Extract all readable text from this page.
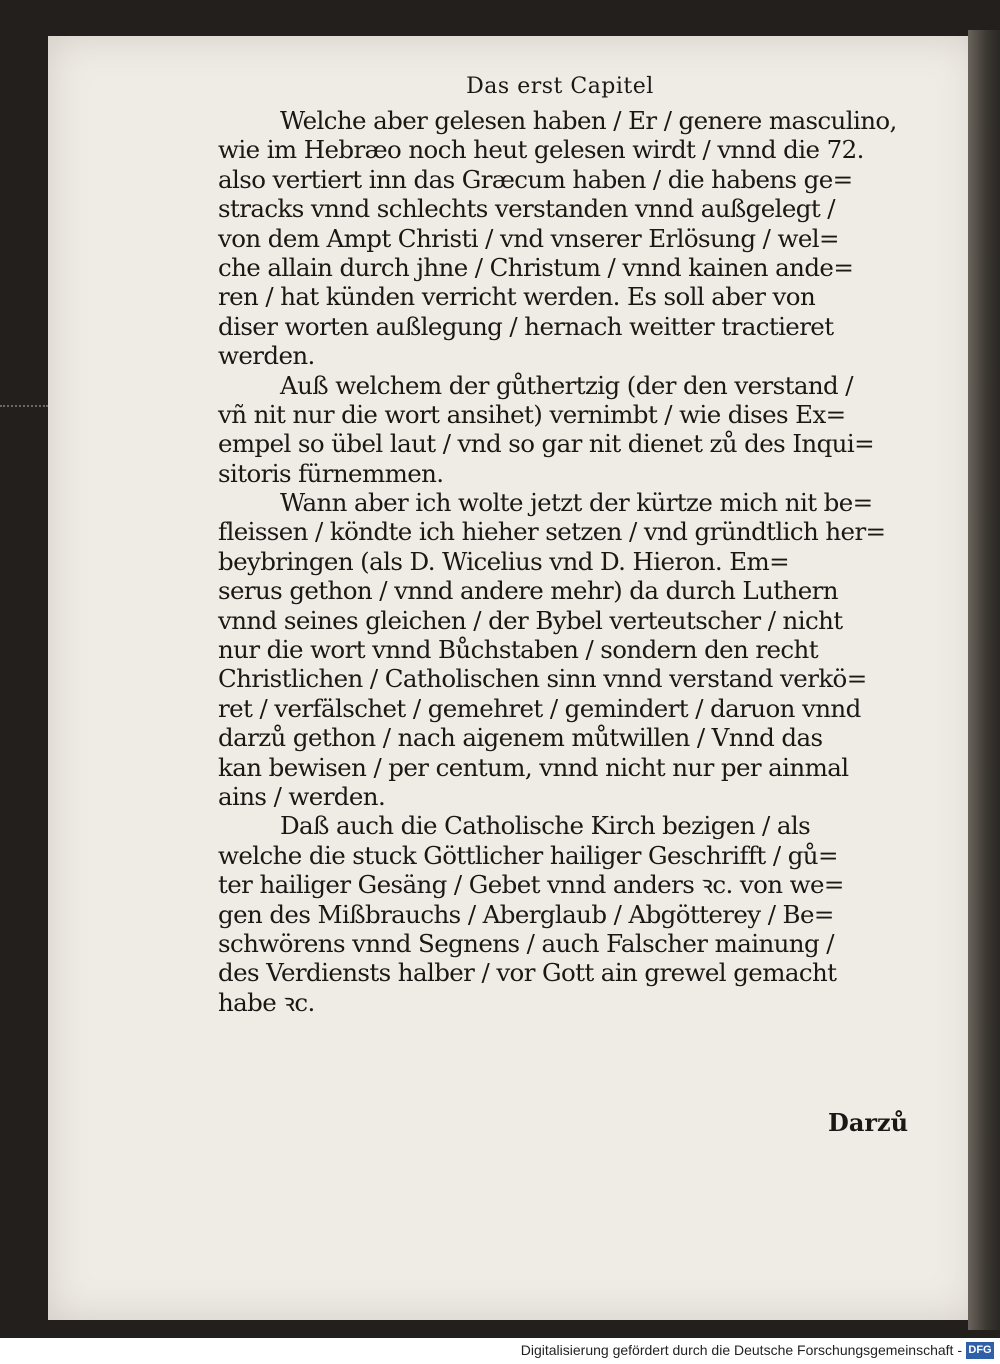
Das erst Capitel
Welche aber gelesen haben / Er / genere masculino,
wie im Hebræo noch heut gelesen wirdt / vnnd die 72.
also vertiert inn das Græcum haben / die habens ge=
stracks vnnd schlechts verstanden vnnd außgelegt /
von dem Ampt Christi / vnd vnserer Erlösung / wel=
che allain durch jhne / Christum / vnnd kainen ande=
ren / hat künden verricht werden. Es soll aber von
diser worten außlegung / hernach weitter tractieret
werden.
Auß welchem der gůthertzig (der den verstand /
vñ nit nur die wort ansihet) vernimbt / wie dises Ex=
empel so übel laut / vnd so gar nit dienet zů des Inqui=
sitoris fürnemmen.
Wann aber ich wolte jetzt der kürtze mich nit be=
fleissen / köndte ich hieher setzen / vnd gründtlich her=
beybringen (als D. Wicelius vnd D. Hieron. Em=
serus gethon / vnnd andere mehr) da durch Luthern
vnnd seines gleichen / der Bybel verteutscher / nicht
nur die wort vnnd Bůchstaben / sondern den recht
Christlichen / Catholischen sinn vnnd verstand verkö=
ret / verfälschet / gemehret / gemindert / daruon vnnd
darzů gethon / nach aigenem můtwillen / Vnnd das
kan bewisen / per centum, vnnd nicht nur per ainmal
ains / werden.
Daß auch die Catholische Kirch bezigen / als
welche die stuck Göttlicher hailiger Geschrifft / gů=
ter hailiger Gesäng / Gebet vnnd anders ꝛc. von we=
gen des Mißbrauchs / Aberglaub / Abgötterey / Be=
schwörens vnnd Segnens / auch Falscher mainung /
des Verdiensts halber / vor Gott ain grewel gemacht
habe ꝛc.
Darzů
Digitalisierung gefördert durch die Deutsche Forschungsgemeinschaft - DFG
